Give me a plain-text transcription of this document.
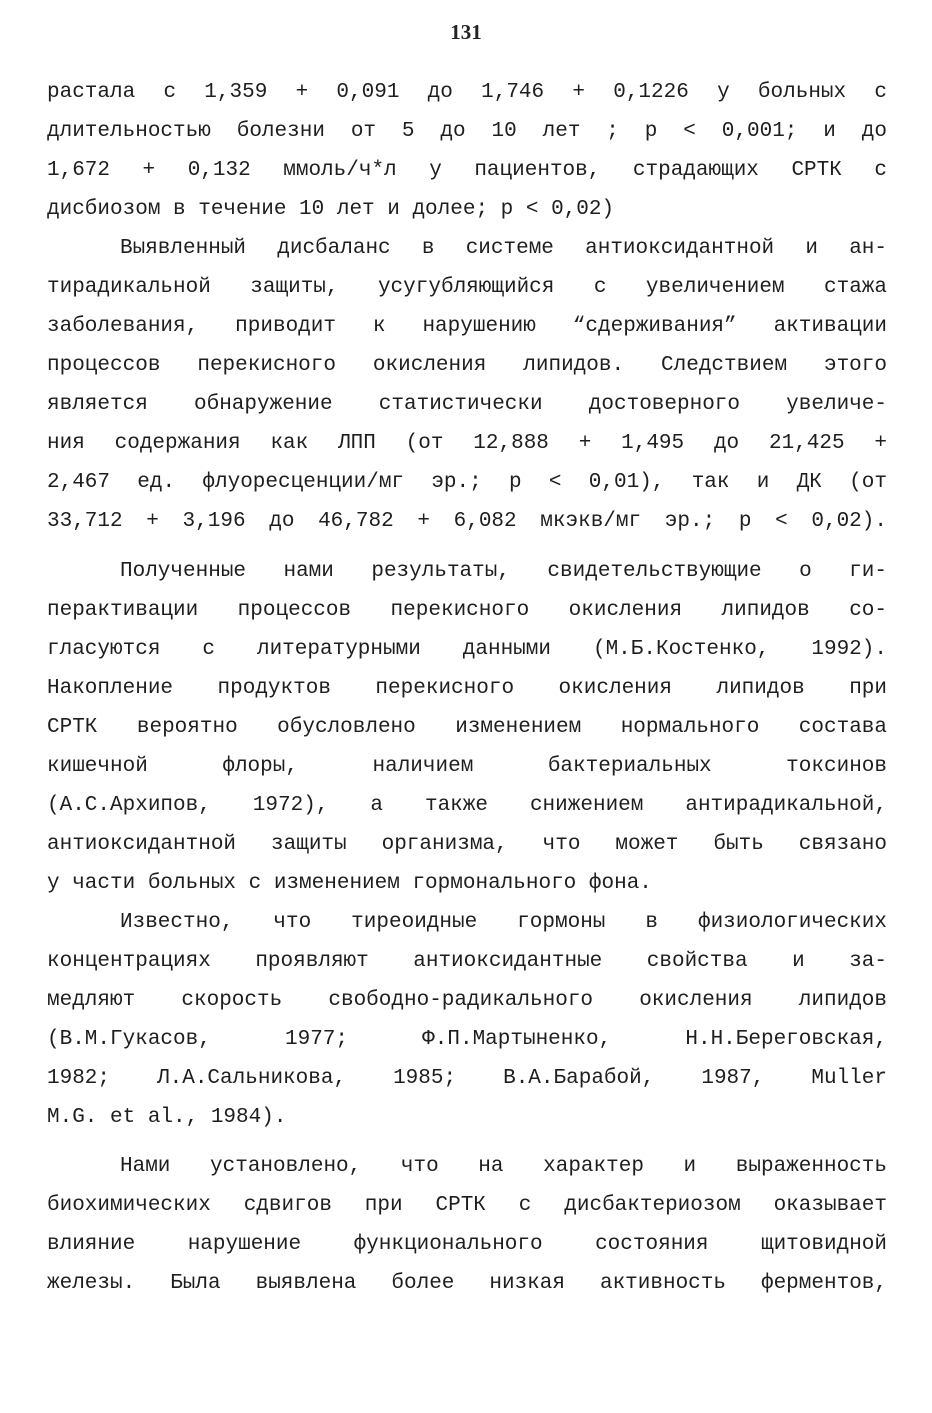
131
растала с 1,359 + 0,091 до 1,746 + 0,1226 у больных с
длительностью болезни от 5 до 10 лет ; р < 0,001; и до
1,672 + 0,132 ммоль/ч*л у пациентов, страдающих СРТК с
дисбиозом в течение 10 лет и долее; р < 0,02)
Выявленный дисбаланс в системе антиоксидантной и ан-
тирадикальной защиты, усугубляющийся с увеличением стажа
заболевания, приводит к нарушению “сдерживания” активации
процессов перекисного окисления липидов. Следствием этого
является обнаружение статистически достоверного увеличе-
ния содержания как ЛПП (от 12,888 + 1,495 до 21,425 +
2,467 ед. флуоресценции/мг эр.; р < 0,01), так и ДК (от
33,712 + 3,196 до 46,782 + 6,082 мкэкв/мг эр.; р < 0,02).
Полученные нами результаты, свидетельствующие о ги-
перактивации процессов перекисного окисления липидов со-
гласуются с литературными данными (М.Б.Костенко, 1992).
Накопление продуктов перекисного окисления липидов при
СРТК вероятно обусловлено изменением нормального состава
кишечной флоры, наличием бактериальных токсинов
(А.С.Архипов, 1972), а также снижением антирадикальной,
антиоксидантной защиты организма, что может быть связано
у части больных с изменением гормонального фона.
Известно, что тиреоидные гормоны в физиологических
концентрациях проявляют антиоксидантные свойства и за-
медляют скорость свободно-радикального окисления липидов
(В.М.Гукасов, 1977; Ф.П.Мартыненко, Н.Н.Береговская,
1982; Л.А.Сальникова, 1985; В.А.Барабой, 1987, Muller
M.G. et al., 1984).
Нами установлено, что на характер и выраженность
биохимических сдвигов при СРТК с дисбактериозом оказывает
влияние нарушение функционального состояния щитовидной
железы. Была выявлена более низкая активность ферментов,
